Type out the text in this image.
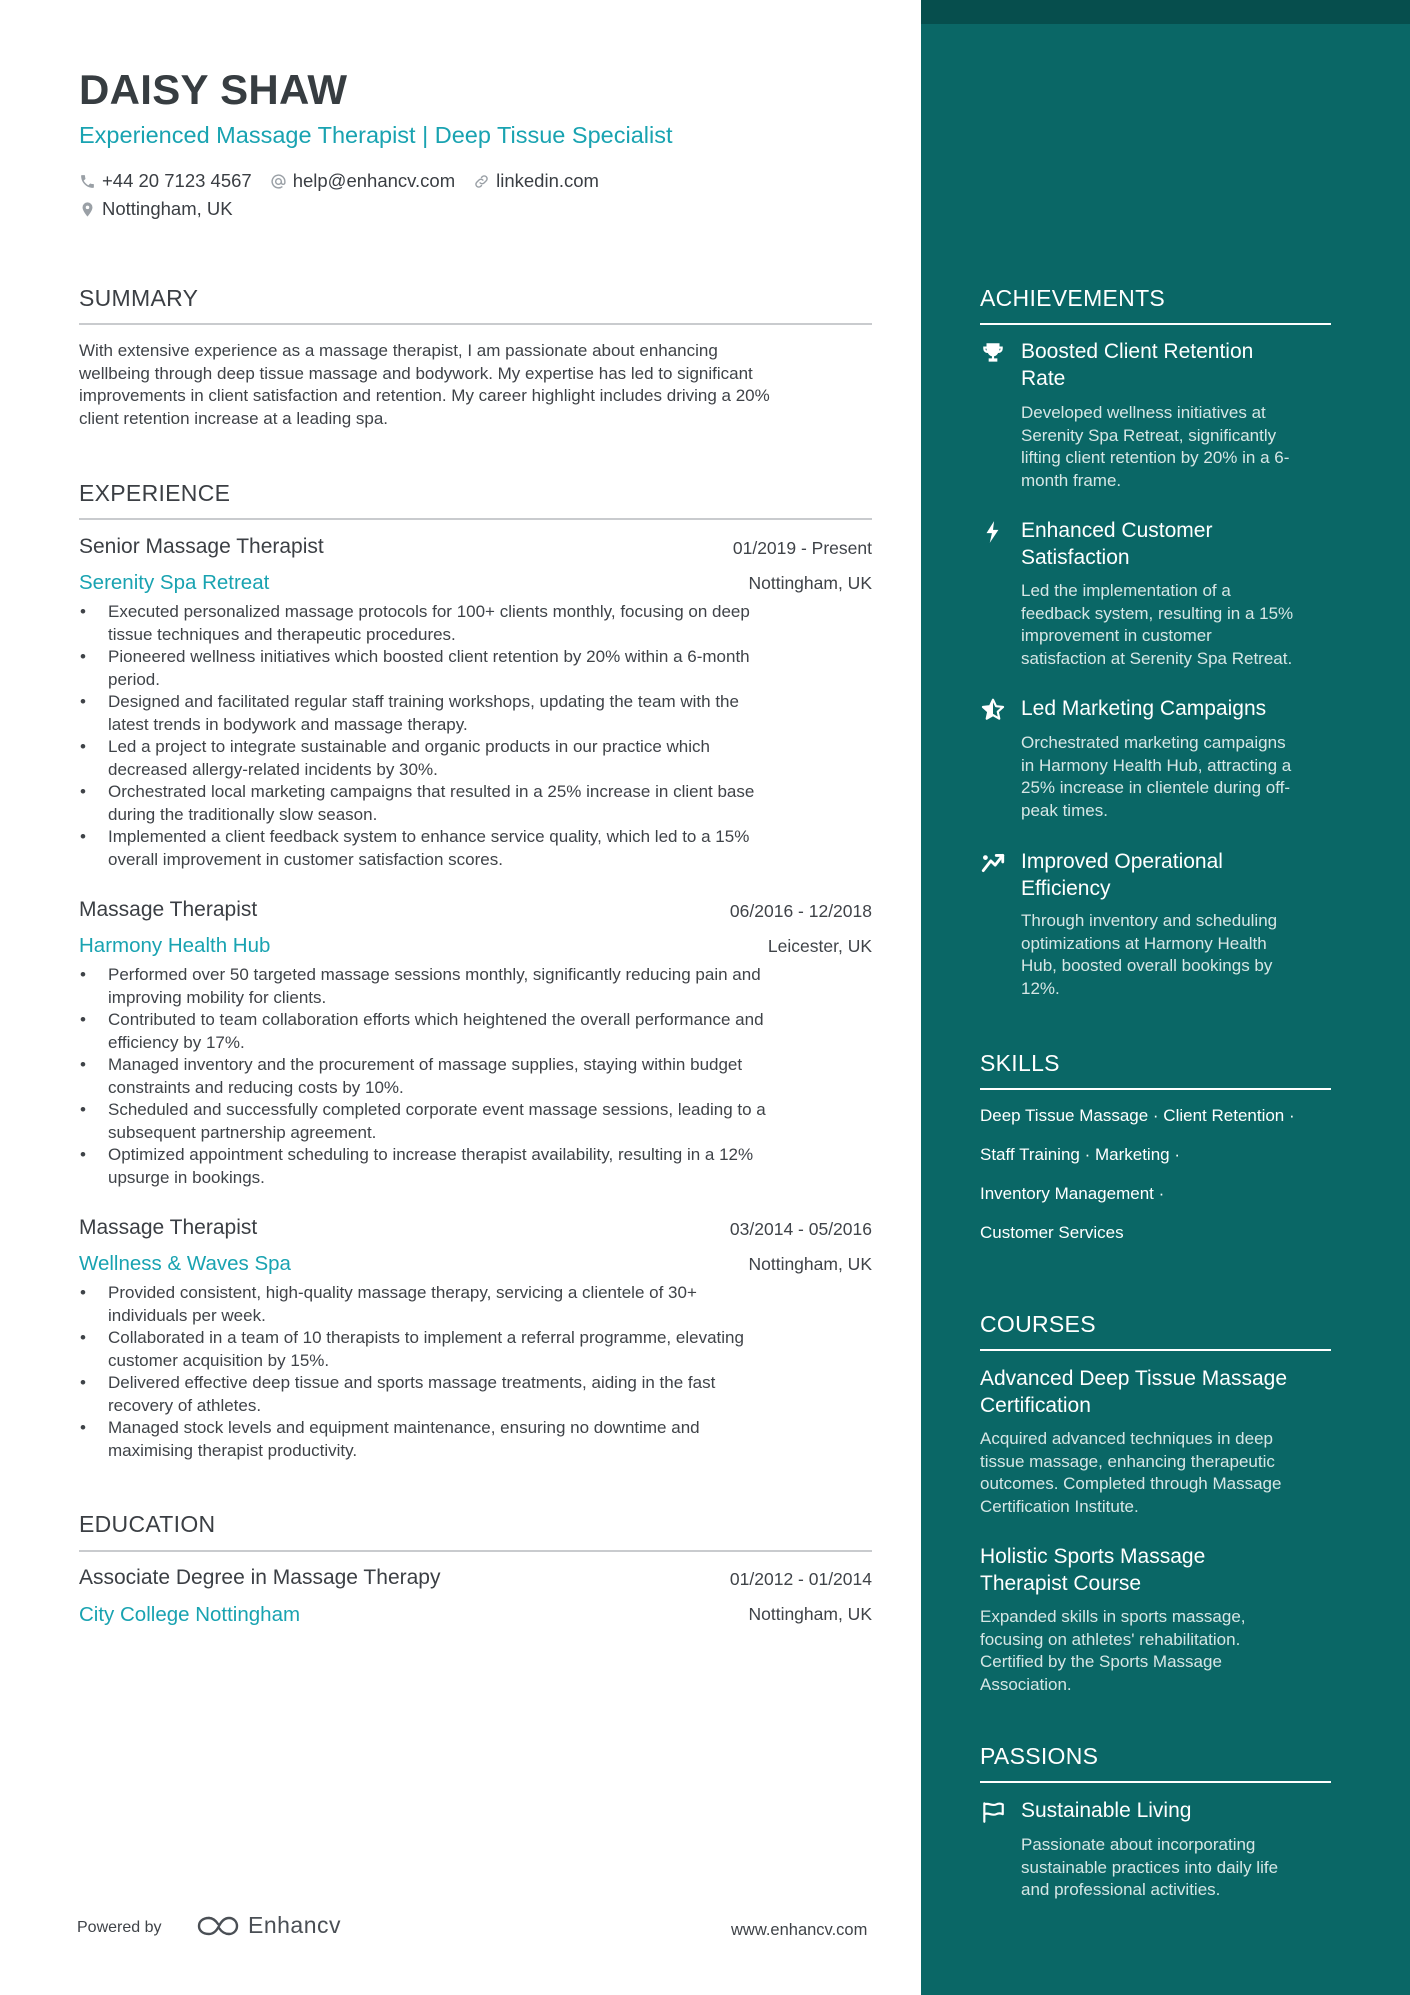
DAISY SHAW
Experienced Massage Therapist | Deep Tissue Specialist
+44 20 7123 4567 help@enhancv.com linkedin.com
Nottingham, UK
SUMMARY
With extensive experience as a massage therapist, I am passionate about enhancing
wellbeing through deep tissue massage and bodywork. My expertise has led to significant
improvements in client satisfaction and retention. My career highlight includes driving a 20%
client retention increase at a leading spa.
EXPERIENCE
Senior Massage Therapist	01/2019 - Present
Serenity Spa Retreat	Nottingham, UK
• Executed personalized massage protocols for 100+ clients monthly, focusing on deep
tissue techniques and therapeutic procedures.
• Pioneered wellness initiatives which boosted client retention by 20% within a 6-month
period.
• Designed and facilitated regular staff training workshops, updating the team with the
latest trends in bodywork and massage therapy.
• Led a project to integrate sustainable and organic products in our practice which
decreased allergy-related incidents by 30%.
• Orchestrated local marketing campaigns that resulted in a 25% increase in client base
during the traditionally slow season.
• Implemented a client feedback system to enhance service quality, which led to a 15%
overall improvement in customer satisfaction scores.
Massage Therapist	06/2016 - 12/2018
Harmony Health Hub	Leicester, UK
• Performed over 50 targeted massage sessions monthly, significantly reducing pain and
improving mobility for clients.
• Contributed to team collaboration efforts which heightened the overall performance and
efficiency by 17%.
• Managed inventory and the procurement of massage supplies, staying within budget
constraints and reducing costs by 10%.
• Scheduled and successfully completed corporate event massage sessions, leading to a
subsequent partnership agreement.
• Optimized appointment scheduling to increase therapist availability, resulting in a 12%
upsurge in bookings.
Massage Therapist	03/2014 - 05/2016
Wellness & Waves Spa	Nottingham, UK
• Provided consistent, high-quality massage therapy, servicing a clientele of 30+
individuals per week.
• Collaborated in a team of 10 therapists to implement a referral programme, elevating
customer acquisition by 15%.
• Delivered effective deep tissue and sports massage treatments, aiding in the fast
recovery of athletes.
• Managed stock levels and equipment maintenance, ensuring no downtime and
maximising therapist productivity.
EDUCATION
Associate Degree in Massage Therapy	01/2012 - 01/2014
City College Nottingham	Nottingham, UK
Powered by	Enhancv	www.enhancv.com
ACHIEVEMENTS
Boosted Client Retention
Rate
Developed wellness initiatives at
Serenity Spa Retreat, significantly
lifting client retention by 20% in a 6-
month frame.
Enhanced Customer
Satisfaction
Led the implementation of a
feedback system, resulting in a 15%
improvement in customer
satisfaction at Serenity Spa Retreat.
Led Marketing Campaigns
Orchestrated marketing campaigns
in Harmony Health Hub, attracting a
25% increase in clientele during off-
peak times.
Improved Operational
Efficiency
Through inventory and scheduling
optimizations at Harmony Health
Hub, boosted overall bookings by
12%.
SKILLS
Deep Tissue Massage · Client Retention ·
Staff Training · Marketing ·
Inventory Management ·
Customer Services
COURSES
Advanced Deep Tissue Massage
Certification
Acquired advanced techniques in deep
tissue massage, enhancing therapeutic
outcomes. Completed through Massage
Certification Institute.
Holistic Sports Massage
Therapist Course
Expanded skills in sports massage,
focusing on athletes' rehabilitation.
Certified by the Sports Massage
Association.
PASSIONS
Sustainable Living
Passionate about incorporating
sustainable practices into daily life
and professional activities.
